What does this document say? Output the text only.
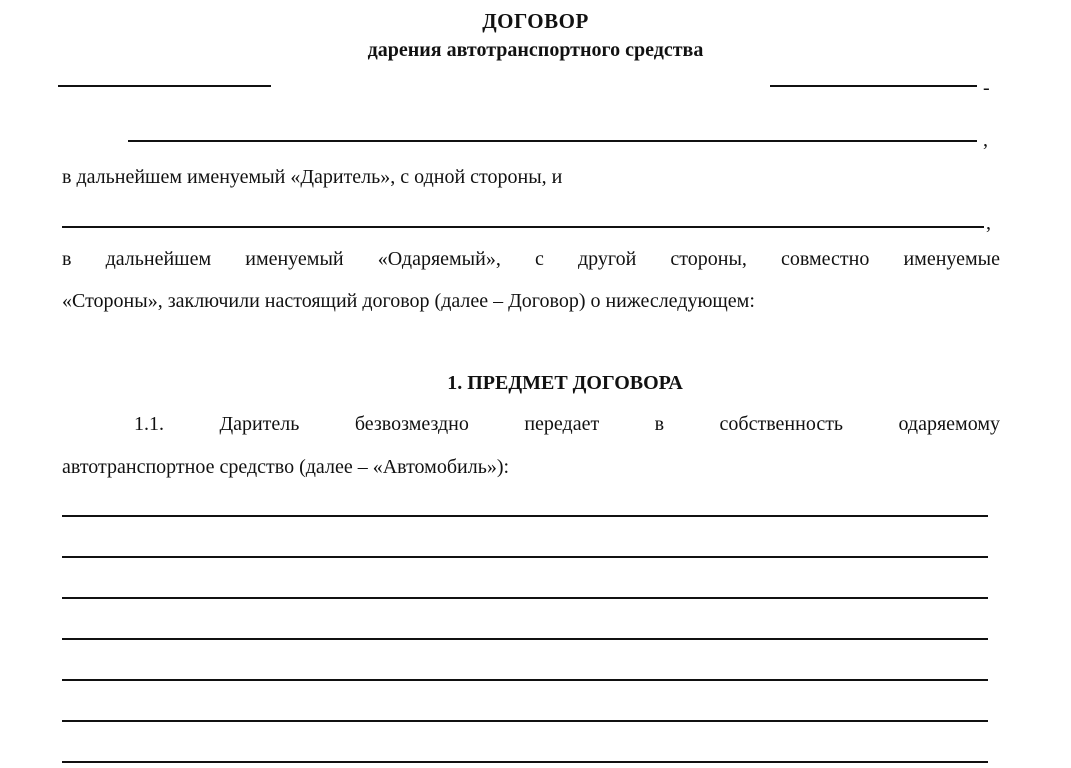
ДОГОВОР
дарения автотранспортного средства
-
,
в дальнейшем именуемый «Даритель», с одной стороны, и
,
в дальнейшем именуемый «Одаряемый», с другой стороны, совместно именуемые
«Стороны», заключили настоящий договор (далее – Договор) о нижеследующем:
1. ПРЕДМЕТ ДОГОВОРА
1.1. Даритель безвозмездно передает в собственность одаряемому
автотранспортное средство (далее – «Автомобиль»):
